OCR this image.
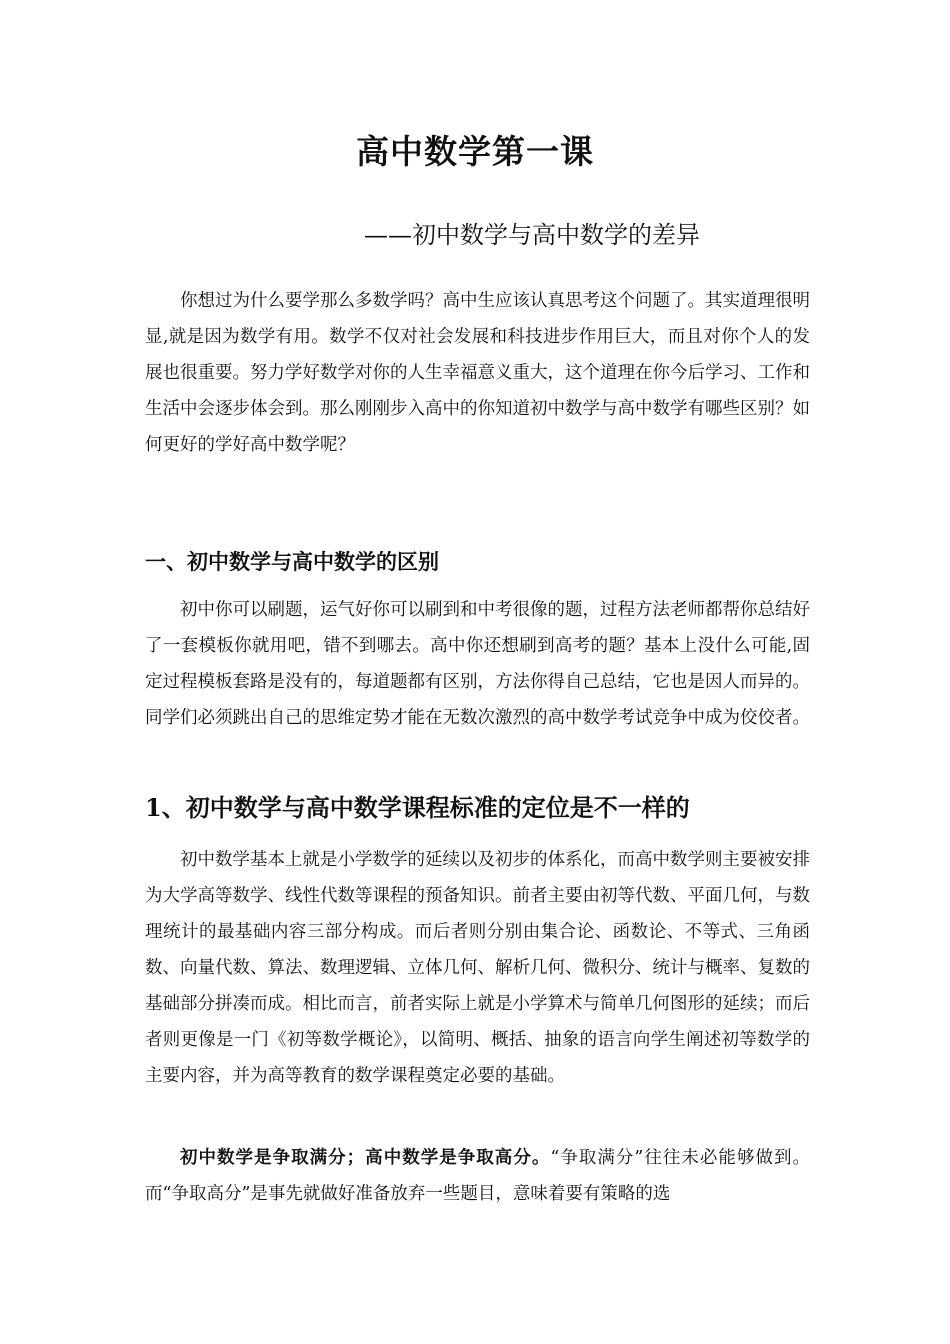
高中数学第一课

——初中数学与高中数学的差异

你想过为什么要学那么多数学吗？高中生应该认真思考这个问题了。其实道理很明显,就是因为数学有用。数学不仅对社会发展和科技进步作用巨大，而且对你个人的发展也很重要。努力学好数学对你的人生幸福意义重大，这个道理在你今后学习、工作和生活中会逐步体会到。那么刚刚步入高中的你知道初中数学与高中数学有哪些区别？如何更好的学好高中数学呢？

一、初中数学与高中数学的区别

初中你可以刷题，运气好你可以刷到和中考很像的题，过程方法老师都帮你总结好了一套模板你就用吧，错不到哪去。高中你还想刷到高考的题？基本上没什么可能,固定过程模板套路是没有的，每道题都有区别，方法你得自己总结，它也是因人而异的。同学们必须跳出自己的思维定势才能在无数次激烈的高中数学考试竞争中成为佼佼者。

1、初中数学与高中数学课程标准的定位是不一样的

初中数学基本上就是小学数学的延续以及初步的体系化，而高中数学则主要被安排为大学高等数学、线性代数等课程的预备知识。前者主要由初等代数、平面几何，与数理统计的最基础内容三部分构成。而后者则分别由集合论、函数论、不等式、三角函数、向量代数、算法、数理逻辑、立体几何、解析几何、微积分、统计与概率、复数的基础部分拼凑而成。相比而言，前者实际上就是小学算术与简单几何图形的延续；而后者则更像是一门《初等数学概论》，以简明、概括、抽象的语言向学生阐述初等数学的主要内容，并为高等教育的数学课程奠定必要的基础。

初中数学是争取满分；高中数学是争取高分。“争取满分”往往未必能够做到。而“争取高分”是事先就做好准备放弃一些题目，意味着要有策略的选
